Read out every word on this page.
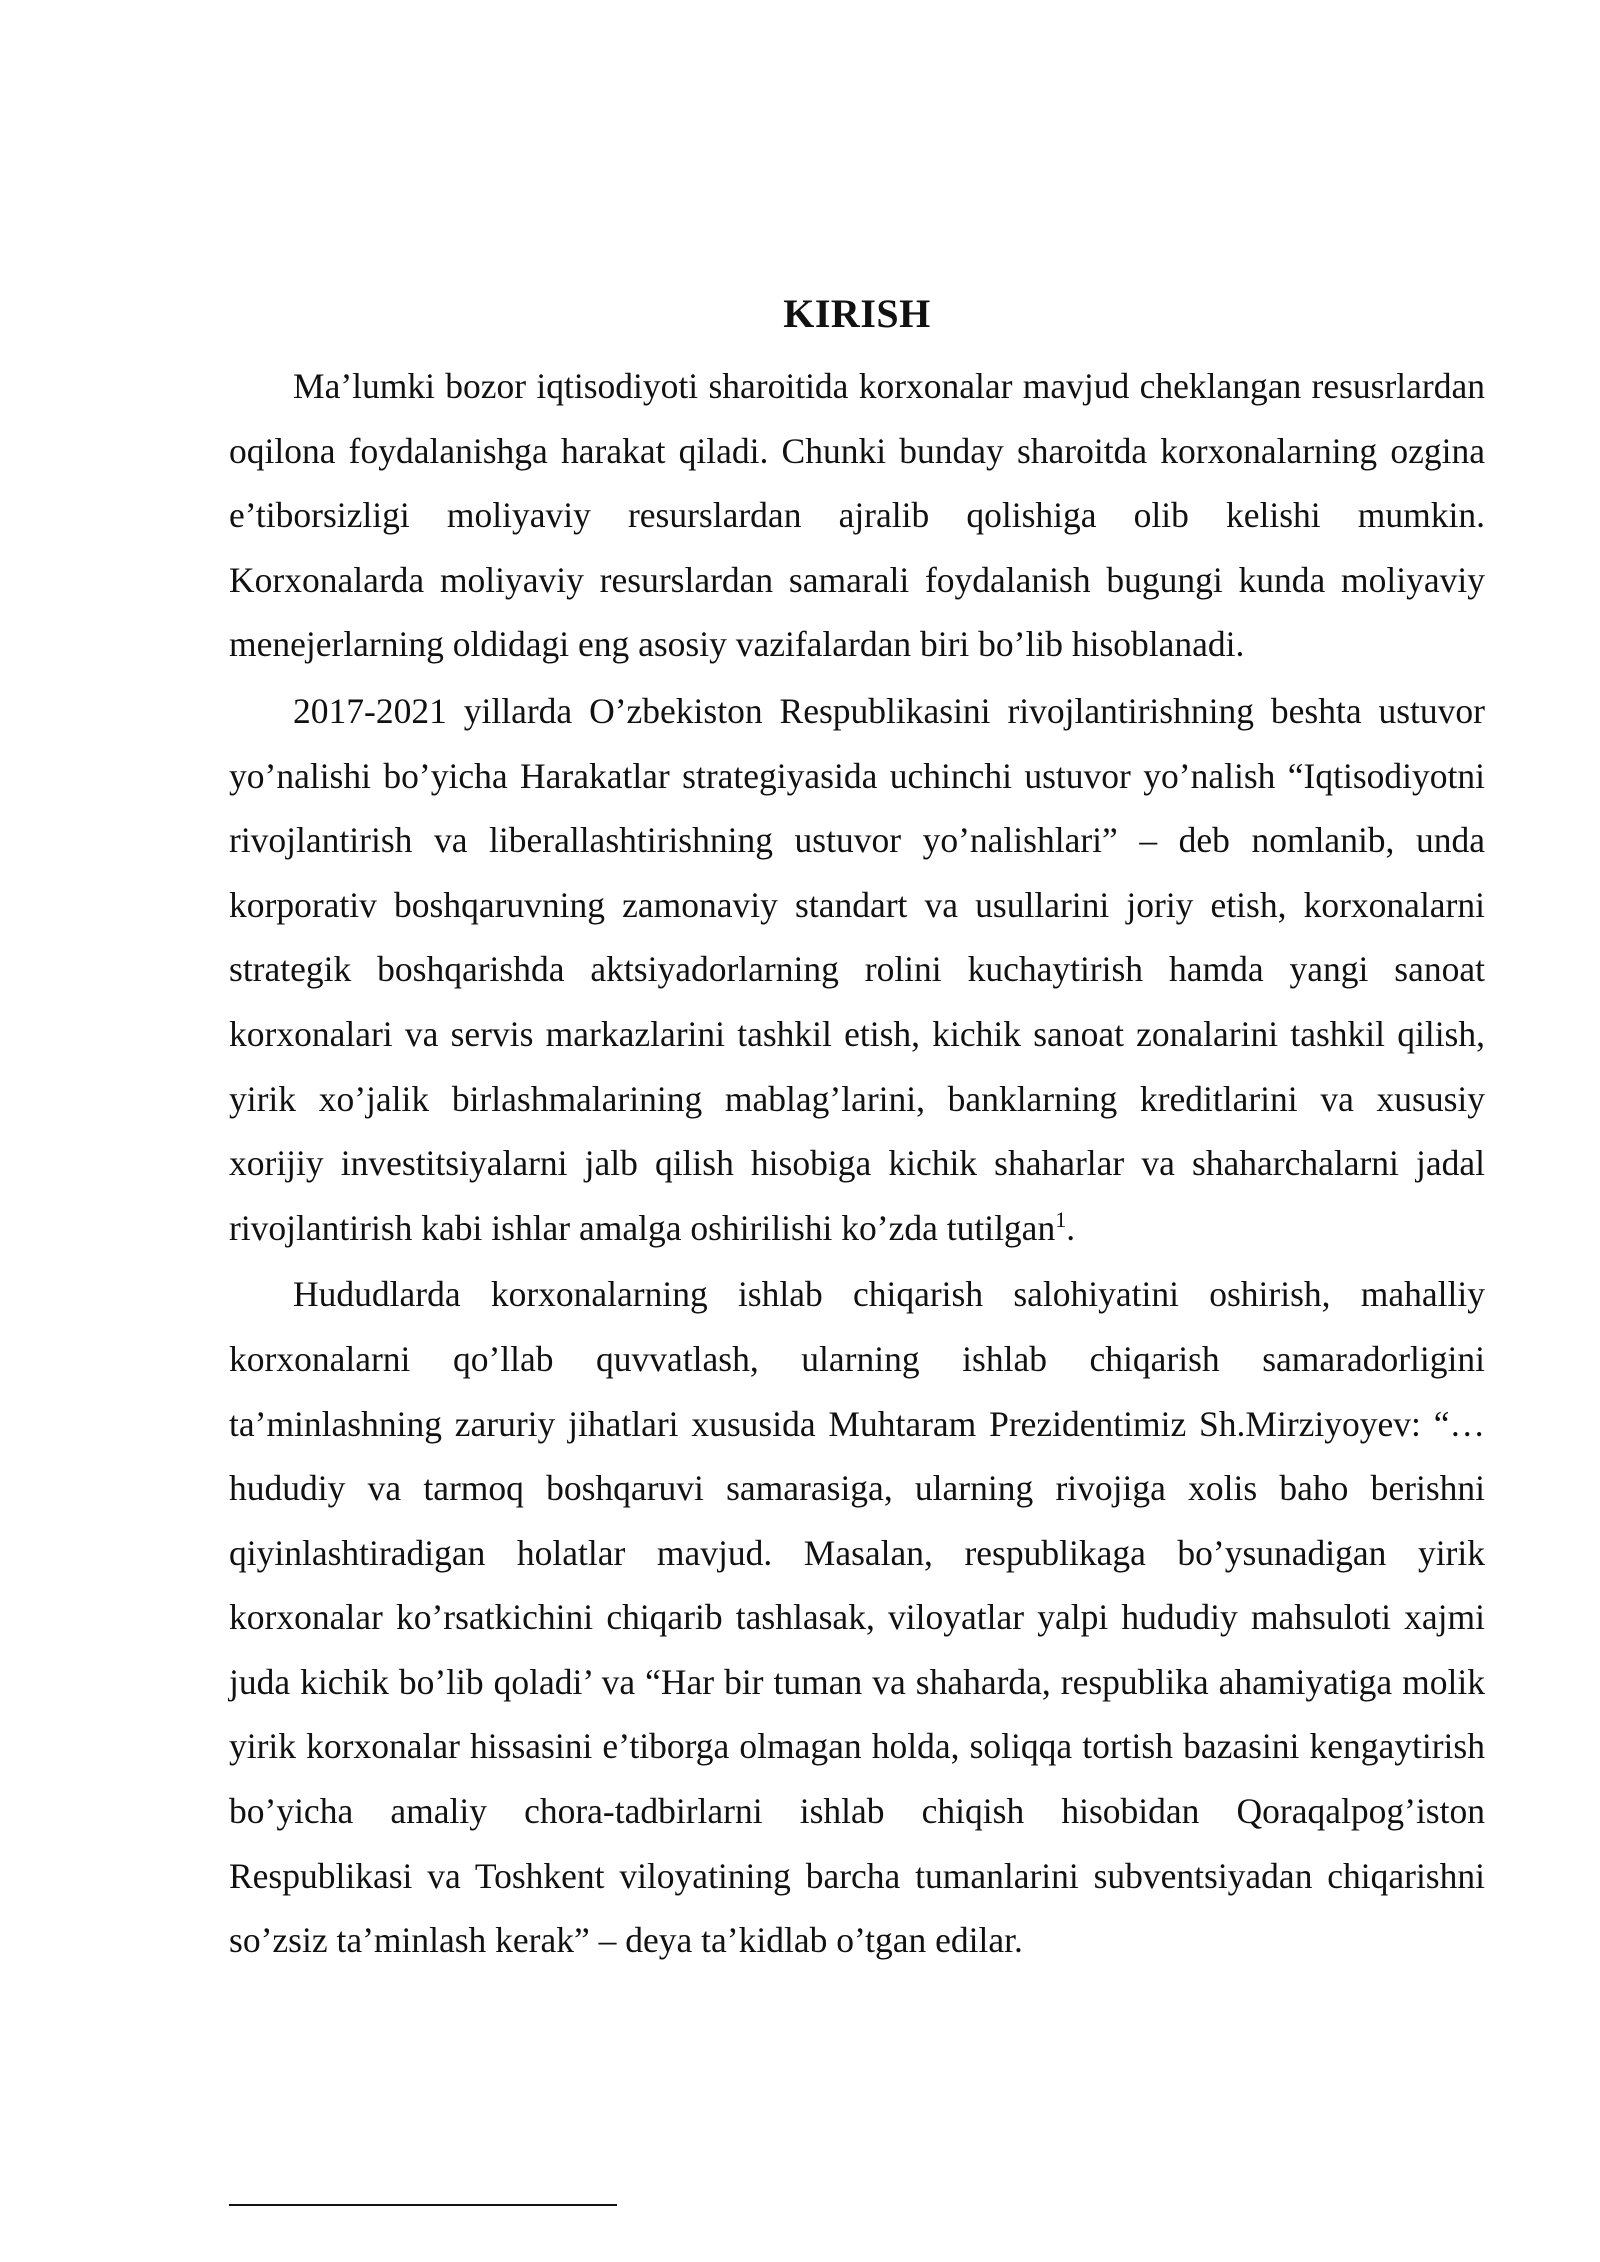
KIRISH

Ma’lumki bozor iqtisodiyoti sharoitida korxonalar mavjud cheklangan resusrlardan oqilona foydalanishga harakat qiladi. Chunki bunday sharoitda korxonalarning ozgina e’tiborsizligi moliyaviy resurslardan ajralib qolishiga olib kelishi mumkin. Korxonalarda moliyaviy resurslardan samarali foydalanish bugungi kunda moliyaviy menejerlarning oldidagi eng asosiy vazifalardan biri bo’lib hisoblanadi.

2017-2021 yillarda O’zbekiston Respublikasini rivojlantirishning beshta ustuvor yo’nalishi bo’yicha Harakatlar strategiyasida uchinchi ustuvor yo’nalish “Iqtisodiyotni rivojlantirish va liberallashtirishning ustuvor yo’nalishlari” – deb nomlanib, unda korporativ boshqaruvning zamonaviy standart va usullarini joriy etish, korxonalarni strategik boshqarishda aktsiyadorlarning rolini kuchaytirish hamda yangi sanoat korxonalari va servis markazlarini tashkil etish, kichik sanoat zonalarini tashkil qilish, yirik xo’jalik birlashmalarining mablag’larini, banklarning kreditlarini va xususiy xorijiy investitsiyalarni jalb qilish hisobiga kichik shaharlar va shaharchalarni jadal rivojlantirish kabi ishlar amalga oshirilishi ko’zda tutilgan$^1$.

Hududlarda korxonalarning ishlab chiqarish salohiyatini oshirish, mahalliy korxonalarni qo’llab quvvatlash, ularning ishlab chiqarish samaradorligini ta’minlashning zaruriy jihatlari xususida Muhtaram Prezidentimiz Sh.Mirziyoyev: “…hududiy va tarmoq boshqaruvi samarasiga, ularning rivojiga xolis baho berishni qiyinlashtiradigan holatlar mavjud. Masalan, respublikaga bo’ysunadigan yirik korxonalar ko’rsatkichini chiqarib tashlasak, viloyatlar yalpi hududiy mahsuloti xajmi juda kichik bo’lib qoladi’ va “Har bir tuman va shaharda, respublika ahamiyatiga molik yirik korxonalar hissasini e’tiborga olmagan holda, soliqqa tortish bazasini kengaytirish bo’yicha amaliy chora-tadbirlarni ishlab chiqish hisobidan Qoraqalpog’iston Respublikasi va Toshkent viloyatining barcha tumanlarini subventsiyadan chiqarishni so’zsiz ta’minlash kerak” – deya ta’kidlab o’tgan edilar.
